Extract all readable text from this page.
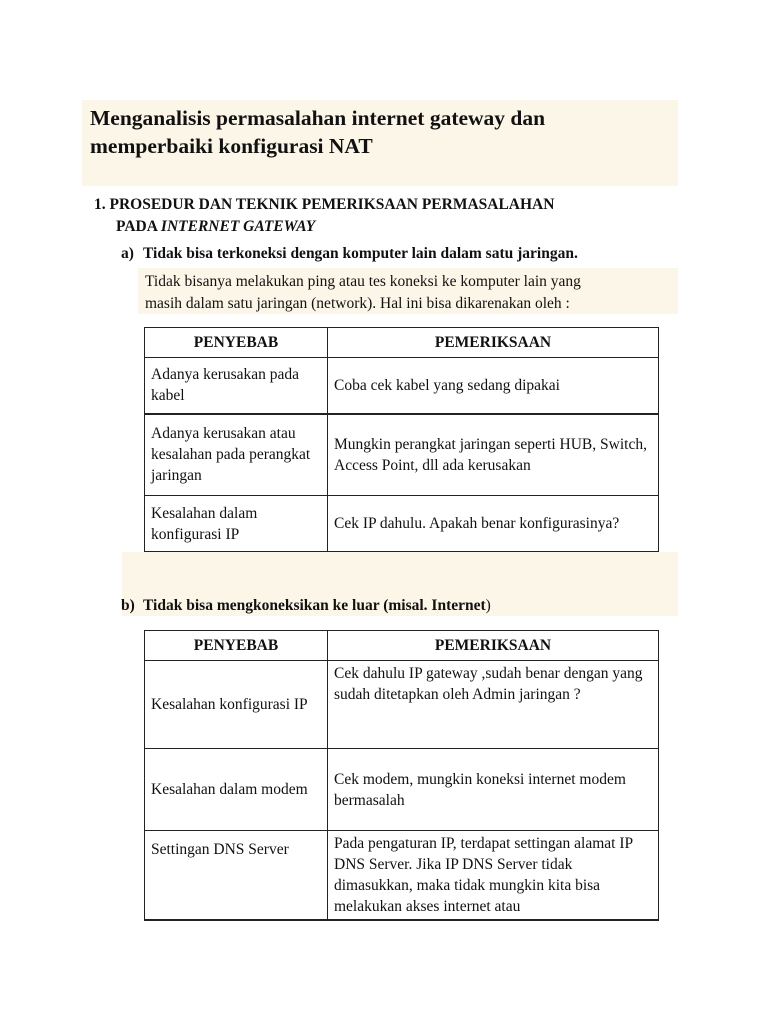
Menganalisis permasalahan internet gateway dan
memperbaiki konfigurasi NAT
1. PROSEDUR DAN TEKNIK PEMERIKSAAN PERMASALAHAN
PADA INTERNET GATEWAY
a) Tidak bisa terkoneksi dengan komputer lain dalam satu jaringan.
Tidak bisanya melakukan ping atau tes koneksi ke komputer lain yang
masih dalam satu jaringan (network). Hal ini bisa dikarenakan oleh :
PENYEBAB	PEMERIKSAAN
Adanya kerusakan pada kabel	Coba cek kabel yang sedang dipakai
Adanya kerusakan atau kesalahan pada perangkat jaringan	Mungkin perangkat jaringan seperti HUB, Switch, Access Point, dll ada kerusakan
Kesalahan dalam konfigurasi IP	Cek IP dahulu. Apakah benar konfigurasinya?
b) Tidak bisa mengkoneksikan ke luar (misal. Internet)
PENYEBAB	PEMERIKSAAN
Kesalahan konfigurasi IP	Cek dahulu IP gateway ,sudah benar dengan yang sudah ditetapkan oleh Admin jaringan ?
Kesalahan dalam modem	Cek modem, mungkin koneksi internet modem bermasalah
Settingan DNS Server	Pada pengaturan IP, terdapat settingan alamat IP DNS Server. Jika IP DNS Server tidak dimasukkan, maka tidak mungkin kita bisa melakukan akses internet atau
